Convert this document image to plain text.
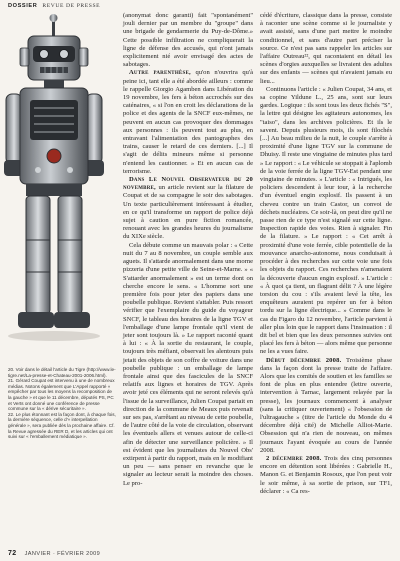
DOSSIER REVUE DE PRESSE

20. Voir dans le détail l'article du Tigre (http://www.le-tigre.net/La-presse-et-Chateau-2001-2006.html).

21. Gérard Coupat est intervenu à une de nombreux médias. Notons également que L'Appel rapporté « empêcher par tous les moyens la recomposition de la gauche » et que le 11 décembre, députés PS, PC et Verts ont donné une conférence de presse commune sur la « dérive sécuritaire ».

22. Le plus étonnant est la façon dont, à chaque fois, la dernière séquence, celle d'« interpellation générale », sera publiée dès la prochaine affaire. Cf. la Revue agressée du RER D, et les articles qui ont suivi sur « l'emballement médiatique ».

(anonymat donc garanti) fait "spontanément" jouli dernier par un membre du "groupe" dans une brigade de gendarmerie du Puy-de-Dôme.» Cette possible infiltration ne compliquerait la ligne de défense des accusés, qui n'ont jamais explicitement nié avoir envisagé des actes de sabotages.

Autre parenthèse, qu'on n'ouvrira qu'à peine ici, tant elle a été abordée ailleurs : comme le rappelle Giorgio Agamben dans Libération du 19 novembre, les fers à béton accrochés sur des caténaires, « si l'on en croit les déclarations de la police et des agents de la SNCF eux-mêmes, ne peuvent en aucun cas provoquer des dommages aux personnes : ils peuvent tout au plus, en entravant l'alimentation des pantographes des trains, causer le retard de ces derniers. [...] Il s'agit de délits mineurs même si personne n'entend les cautionner. » Et en aucun cas de terrorisme.

Dans Le Nouvel Observateur du 20 novembre, un article revient sur la filature de Coupat et de sa compagne le soir des sabotages. Un texte particulièrement intéressant à étudier, en ce qu'il transforme un rapport de police déjà sujet à caution en pure fiction romancée, renouant avec les grandes heures du journalisme du XIXe siècle.

Cela débute comme un mauvais polar : « Cette nuit du 7 au 8 novembre, un couple semble aux aguets. Il s'attarde anormalement dans une morne pizzeria d'une petite ville de Seine-et-Marne. » « S'attarder anormalement » est un terme dont on cherche encore le sens. « L'homme sort une première fois pour jeter des papiers dans une poubelle publique. Revient s'attabler. Puis ressort vérifier que l'exemplaire du guide du voyageur SNCF, le tableau des horaires de la ligne TGV et l'emballage d'une lampe frontale qu'il vient de jeter sont toujours là. » Le rapport raconté quant à lui : « À la sortie du restaurant, le couple, toujours très méfiant, observait les alentours puis jetait des objets de son coffre de voiture dans une poubelle publique : un emballage de lampe frontale ainsi que des fascicules de la SNCF relatifs aux lignes et horaires de TGV. Après avoir jeté ces éléments qui ne seront relevés qu'à l'issue de la surveillance, Julien Coupat partait en direction de la commune de Meaux puis revenait sur ses pas, s'arrêtant au niveau de cette poubelle, de l'autre côté de la voie de circulation, observant les éventuels allers et venues autour de celle-ci afin de détecter une surveillance policière. » Il est évident que les journalistes du Nouvel Obs' extirpent à partir du rapport, mais en le modifiant un peu — sans penser en revanche que le signaler au lecteur serait la moindre des choses. Le pro-

cédé d'écriture, classique dans la presse, consiste à raconter une scène comme si le journaliste y avait assisté, sans d'une part mettre le moindre conditionnel, et sans d'autre part préciser la source. Ce n'est pas sans rappeler les articles sur l'affaire Outreau²², qui racontaient en détail les scènes d'orgies auxquelles se livraient des adultes sur des enfants — scènes qui n'avaient jamais eu lieu...

Continuons l'article : « Julien Coupat, 34 ans, et sa copine Yildune L., 25 ans, sont sur leurs gardes. Logique : ils sont tous les deux fichés "S", la lettre qui désigne les agitateurs autonomes, les "taiso", dans les archives policières. Et ils le savent. Depuis plusieurs mois, ils sont filochés [...] Au beau milieu de la nuit, le couple s'arrête à proximité d'une ligne TGV sur la commune de Dhuisy. Il reste une vingtaine de minutes plus tard » Le rapport : « Le véhicule se stoppait à l'aplomb de la voie ferrée de la ligne TGV-Est pendant une vingtaine de minutes. » L'article : « Intrigués, les policiers descendent à leur tour, à la recherche d'un éventuel engin explosif. Ils passent à un cheveu contre un train Castor, un convoi de déchets nucléaires. Ce soir-là, on peut dire qu'il ne passe rien de ce type n'est signalé sur cette ligne. Inspection rapide des voies. Rien à signaler. Fin de la filature. » Le rapport : « Cet arrêt à proximité d'une voie ferrée, cible potentielle de la mouvance anarcho-autonome, nous conduisait à procéder à des recherches sur cette voie une fois les objets du rapport. Ces recherches n'amenaient la découverte d'aucun engin explosif. » L'article : « À quoi ça tient, un flagrant délit ? À une légère torsion du cou : s'ils avaient levé la tête, les enquêteurs auraient pu repérer un fer à béton tordu sur la ligne électrique... » Comme dans le cas du Figaro du 12 novembre, l'article parvient à aller plus loin que le rapport dans l'insinuation : il dit bel et bien que les deux personnes suivies ont placé les fers à béton — alors même que personne ne les a vues faire.

Début décembre 2008. Troisième phase dans la façon dont la presse traite de l'affaire. Alors que les comités de soutien et les familles se font de plus en plus entendre (lettre ouverte, intervention à Tarnac, largement relayée par la presse), les journaux commencent à analyser (sans la critiquer ouvertement) « l'obsession de l'ultragauche » (titre de l'article du Monde du 4 décembre déjà cité) de Michelle Alliot-Marie. Obsession qui n'a rien de nouveau, on mêmes journaux l'ayant évoquée au cours de l'année 2008.

2 décembre 2008. Trois des cinq personnes encore en détention sont libérées : Gabrielle H., Manon G. et Benjamin Rosoux, que l'on peut voir le soir même, à sa sortie de prison, sur TF1, déclarer : « Ca res-

72 JANVIER · FÉVRIER 2009
